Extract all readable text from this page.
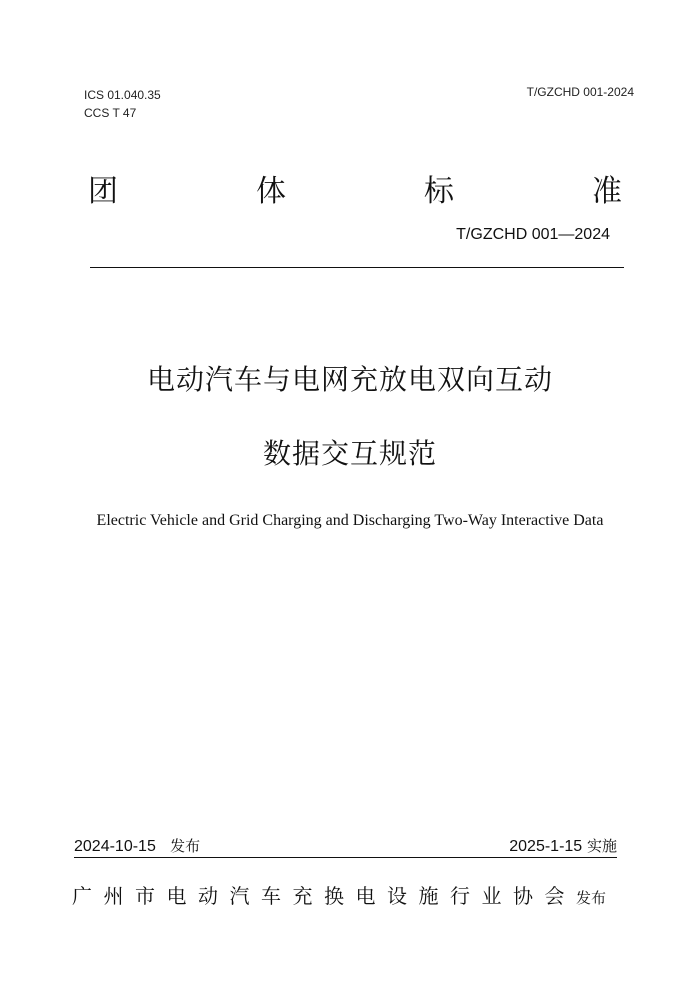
ICS 01.040.35
CCS T 47
T/GZCHD 001-2024
团	体	标	准
T/GZCHD 001—2024
电动汽车与电网充放电双向互动
数据交互规范
Electric Vehicle and Grid Charging and Discharging Two-Way Interactive Data
2024-10-15 发布	2025-1-15 实施
广州市电动汽车充换电设施行业协会 发布
